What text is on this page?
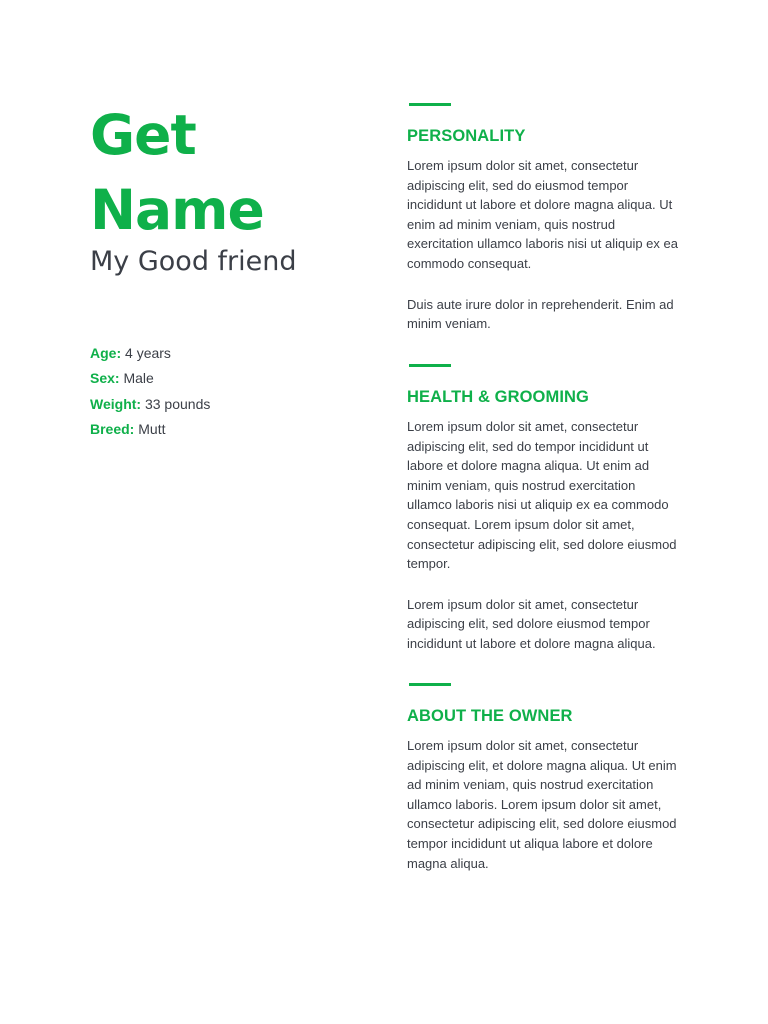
Get Name
My Good friend
Age: 4 years
Sex: Male
Weight: 33 pounds
Breed: Mutt
PERSONALITY

Lorem ipsum dolor sit amet, consectetur adipiscing elit, sed do eiusmod tempor incididunt ut labore et dolore magna aliqua. Ut enim ad minim veniam, quis nostrud exercitation ullamco laboris nisi ut aliquip ex ea commodo consequat.

Duis aute irure dolor in reprehenderit. Enim ad minim veniam.

HEALTH & GROOMING

Lorem ipsum dolor sit amet, consectetur adipiscing elit, sed do tempor incididunt ut labore et dolore magna aliqua. Ut enim ad minim veniam, quis nostrud exercitation ullamco laboris nisi ut aliquip ex ea commodo consequat. Lorem ipsum dolor sit amet, consectetur adipiscing elit, sed dolore eiusmod tempor.

Lorem ipsum dolor sit amet, consectetur adipiscing elit, sed dolore eiusmod tempor incididunt ut labore et dolore magna aliqua.

ABOUT THE OWNER

Lorem ipsum dolor sit amet, consectetur adipiscing elit, et dolore magna aliqua. Ut enim ad minim veniam, quis nostrud exercitation ullamco laboris. Lorem ipsum dolor sit amet, consectetur adipiscing elit, sed dolore eiusmod tempor incididunt ut aliqua labore et dolore magna aliqua.
